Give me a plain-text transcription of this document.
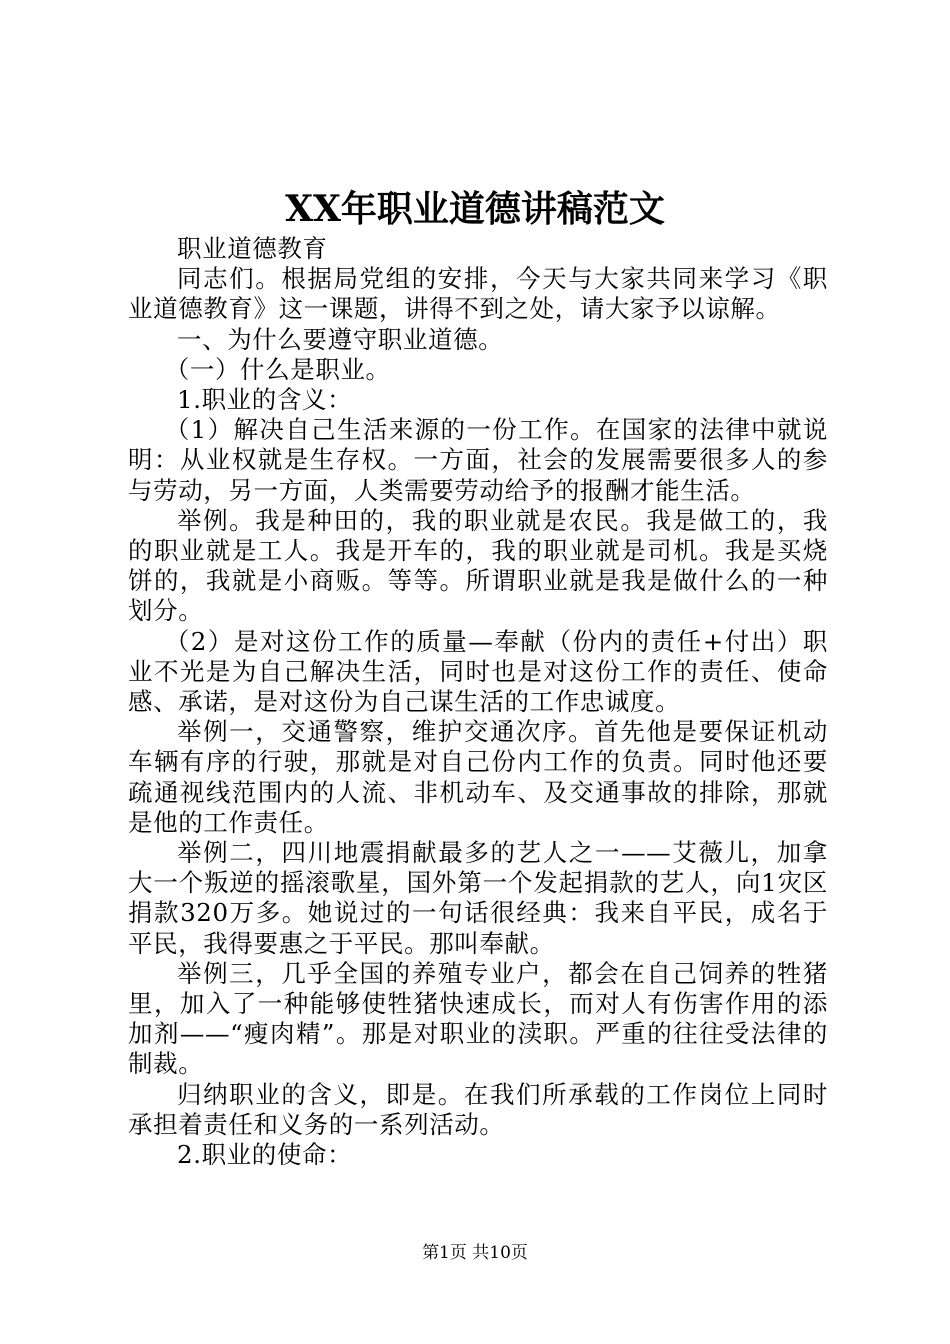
XX年职业道德讲稿范文

职业道德教育

同志们。根据局党组的安排，今天与大家共同来学习《职业道德教育》这一课题，讲得不到之处，请大家予以谅解。

一、为什么要遵守职业道德。

（一）什么是职业。

1.职业的含义：

（1）解决自己生活来源的一份工作。在国家的法律中就说明：从业权就是生存权。一方面，社会的发展需要很多人的参与劳动，另一方面，人类需要劳动给予的报酬才能生活。

举例。我是种田的，我的职业就是农民。我是做工的，我的职业就是工人。我是开车的，我的职业就是司机。我是买烧饼的，我就是小商贩。等等。所谓职业就是我是做什么的一种划分。

（2）是对这份工作的质量—奉献（份内的责任+付出）职业不光是为自己解决生活，同时也是对这份工作的责任、使命感、承诺，是对这份为自己谋生活的工作忠诚度。

举例一，交通警察，维护交通次序。首先他是要保证机动车辆有序的行驶，那就是对自己份内工作的负责。同时他还要疏通视线范围内的人流、非机动车、及交通事故的排除，那就是他的工作责任。

举例二，四川地震捐献最多的艺人之一——艾薇儿，加拿大一个叛逆的摇滚歌星，国外第一个发起捐款的艺人，向1灾区捐款320万多。她说过的一句话很经典：我来自平民，成名于平民，我得要惠之于平民。那叫奉献。

举例三，几乎全国的养殖专业户，都会在自己饲养的牲猪里，加入了一种能够使牲猪快速成长，而对人有伤害作用的添加剂——“瘦肉精”。那是对职业的渎职。严重的往往受法律的制裁。

归纳职业的含义，即是。在我们所承载的工作岗位上同时承担着责任和义务的一系列活动。

2.职业的使命：

第1页 共10页
